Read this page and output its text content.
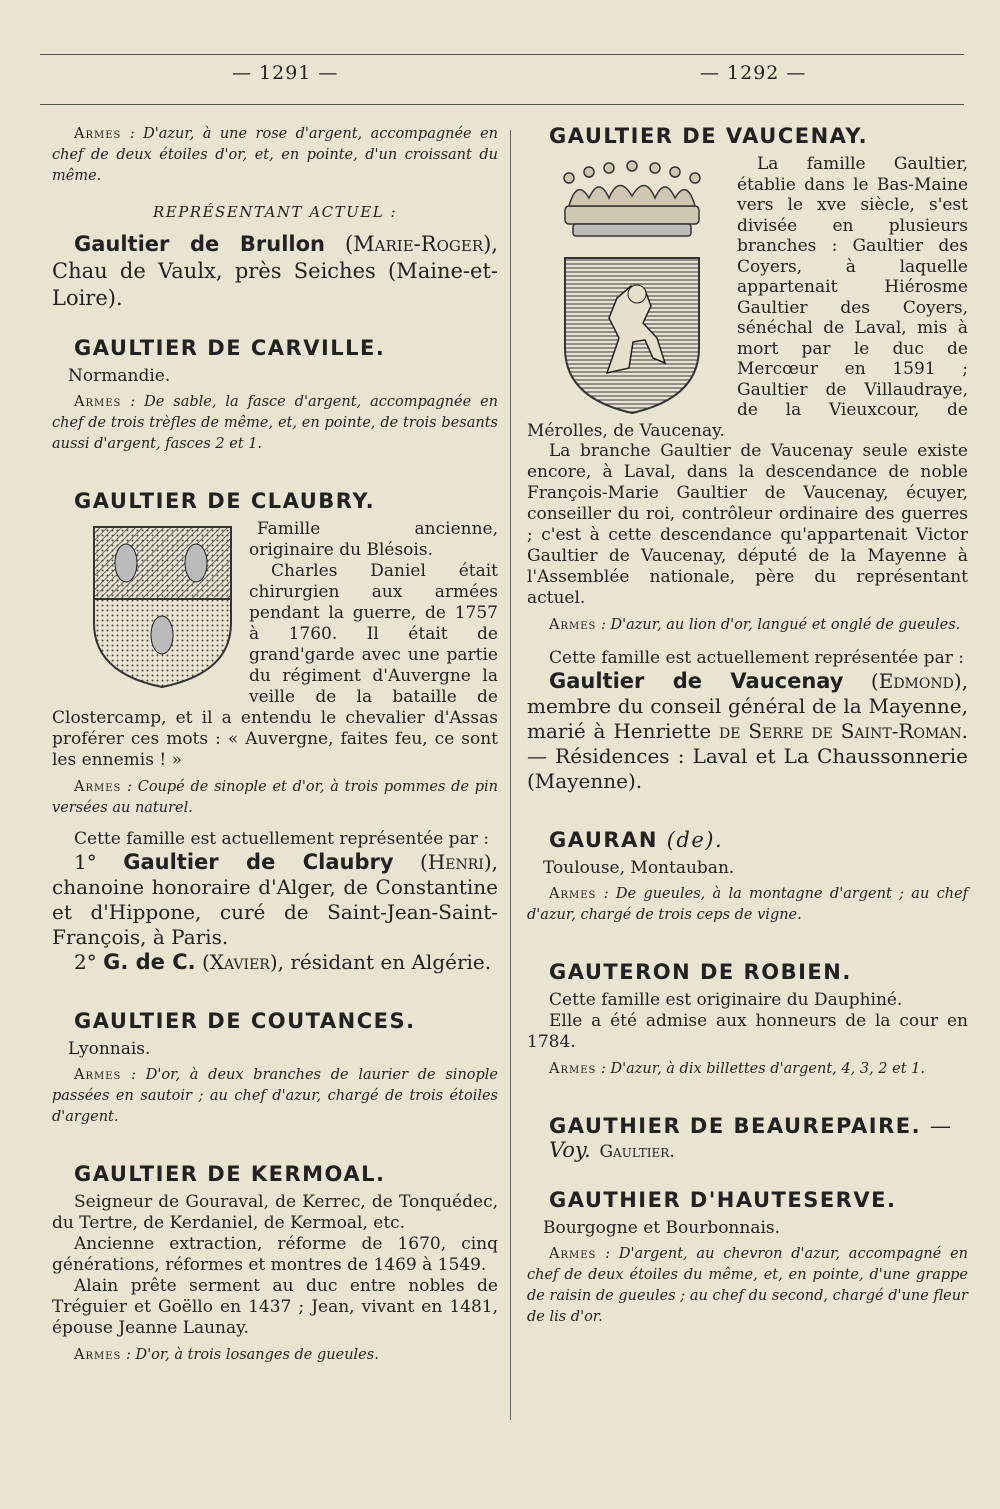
— 1291 —	— 1292 —

Armes : D'azur, à une rose d'argent, accompagnée en chef de deux étoiles d'or, et, en pointe, d'un croissant du même.

REPRÉSENTANT ACTUEL :

Gaultier de Brullon (Marie-Roger), Chau de Vaulx, près Seiches (Maine-et-Loire).

GAULTIER DE CARVILLE.
Normandie.

Armes : De sable, la fasce d'argent, accompagnée en chef de trois trèfles de même, et, en pointe, de trois besants aussi d'argent, fasces 2 et 1.

GAULTIER DE CLAUBRY.

Famille ancienne, originaire du Blésois.

Charles Daniel était chirurgien aux armées pendant la guerre, de 1757 à 1760. Il était de grand'garde avec une partie du régiment d'Auvergne la veille de la bataille de Clostercamp, et il a entendu le chevalier d'Assas proférer ces mots : « Auvergne, faites feu, ce sont les ennemis ! »

Armes : Coupé de sinople et d'or, à trois pommes de pin versées au naturel.

Cette famille est actuellement représentée par :

1° Gaultier de Claubry (Henri), chanoine honoraire d'Alger, de Constantine et d'Hippone, curé de Saint-Jean-Saint-François, à Paris.

2° G. de C. (Xavier), résidant en Algérie.

GAULTIER DE COUTANCES.
Lyonnais.

Armes : D'or, à deux branches de laurier de sinople passées en sautoir ; au chef d'azur, chargé de trois étoiles d'argent.

GAULTIER DE KERMOAL.

Seigneur de Gouraval, de Kerrec, de Tonquédec, du Tertre, de Kerdaniel, de Kermoal, etc.

Ancienne extraction, réforme de 1670, cinq générations, réformes et montres de 1469 à 1549.

Alain prête serment au duc entre nobles de Tréguier et Goëllo en 1437 ; Jean, vivant en 1481, épouse Jeanne Launay.

Armes : D'or, à trois losanges de gueules.

GAULTIER DE VAUCENAY.

La famille Gaultier, établie dans le Bas-Maine vers le xve siècle, s'est divisée en plusieurs branches : Gaultier des Coyers, à laquelle appartenait Hiérosme Gaultier des Coyers, sénéchal de Laval, mis à mort par le duc de Mercœur en 1591 ; Gaultier de Villaudraye, de la Vieuxcour, de Mérolles, de Vaucenay.

La branche Gaultier de Vaucenay seule existe encore, à Laval, dans la descendance de noble François-Marie Gaultier de Vaucenay, écuyer, conseiller du roi, contrôleur ordinaire des guerres ; c'est à cette descendance qu'appartenait Victor Gaultier de Vaucenay, député de la Mayenne à l'Assemblée nationale, père du représentant actuel.

Armes : D'azur, au lion d'or, langué et onglé de gueules.

Cette famille est actuellement représentée par :

Gaultier de Vaucenay (Edmond), membre du conseil général de la Mayenne, marié à Henriette de Serre de Saint-Roman. — Résidences : Laval et La Chaussonnerie (Mayenne).

GAURAN (de).
Toulouse, Montauban.

Armes : De gueules, à la montagne d'argent ; au chef d'azur, chargé de trois ceps de vigne.

GAUTERON DE ROBIEN.

Cette famille est originaire du Dauphiné.

Elle a été admise aux honneurs de la cour en 1784.

Armes : D'azur, à dix billettes d'argent, 4, 3, 2 et 1.

GAUTHIER DE BEAUREPAIRE. — Voy. Gaultier.
GAUTHIER D'HAUTESERVE.
Bourgogne et Bourbonnais.

Armes : D'argent, au chevron d'azur, accompagné en chef de deux étoiles du même, et, en pointe, d'une grappe de raisin de gueules ; au chef du second, chargé d'une fleur de lis d'or.
